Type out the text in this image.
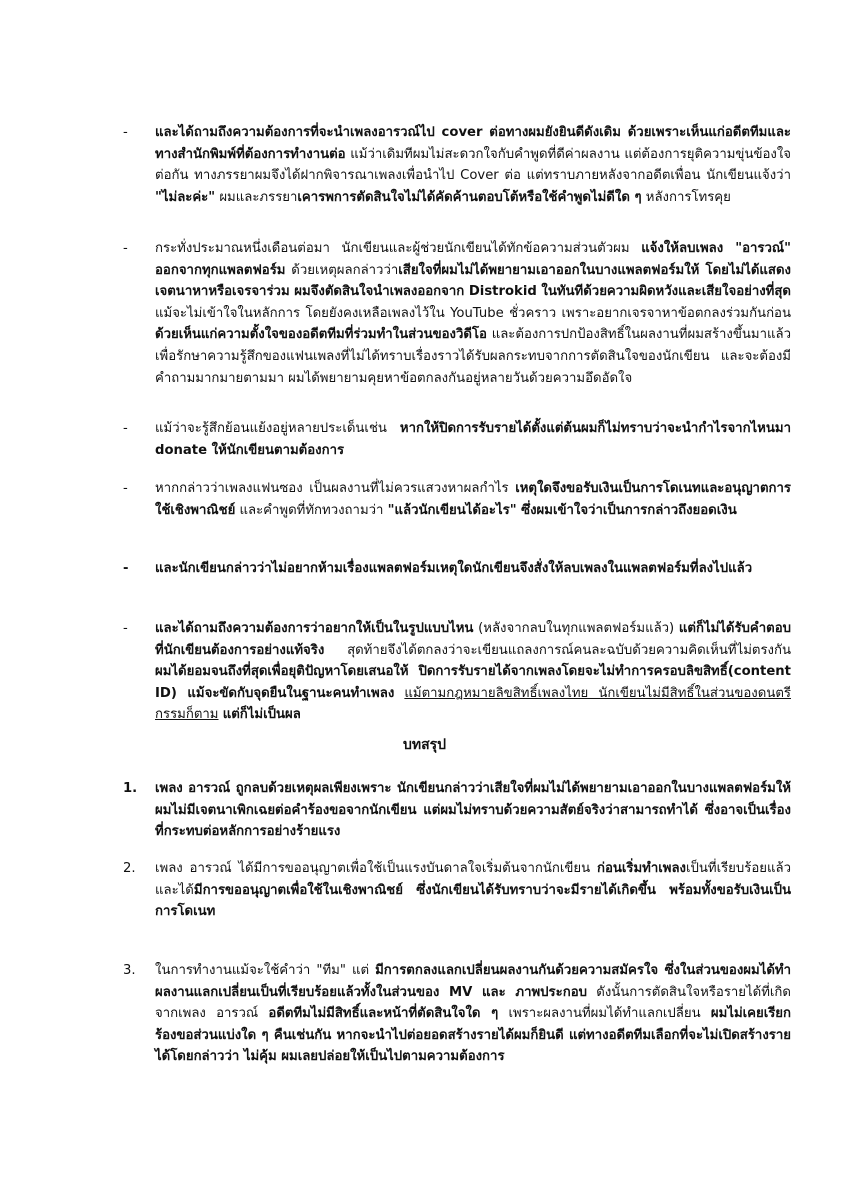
- และได้ถามถึงความต้องการที่จะนำเพลงอารวณ์ไป cover ต่อทางผมยังยินดีดังเดิม ด้วยเพราะเห็นแก่อดีตทีมและทางสำนักพิมพ์ที่ต้องการทำงานต่อ แม้ว่าเดิมทีผมไม่สะดวกใจกับคำพูดที่ดีค่าผลงาน แต่ต้องการยุติความขุ่นข้องใจต่อกัน ทางภรรยาผมจึงได้ฝากพิจารณาเพลงเพื่อนำไป Cover ต่อ แต่ทราบภายหลังจากอดีตเพื่อน นักเขียนแจ้งว่า "ไม่ละค่ะ" ผมและภรรยาเคารพการตัดสินใจไม่ได้คัดค้านตอบโต้หรือใช้คำพูดไม่ดีใด ๆ หลังการโทรคุย

- กระทั่งประมาณหนึ่งเดือนต่อมา นักเขียนและผู้ช่วยนักเขียนได้ทักข้อความส่วนตัวผม แจ้งให้ลบเพลง "อารวณ์" ออกจากทุกแพลตฟอร์ม ด้วยเหตุผลกล่าวว่าเสียใจที่ผมไม่ได้พยายามเอาออกในบางแพลตฟอร์มให้ โดยไม่ได้แสดงเจตนาหาหรือเจรจาร่วม ผมจึงตัดสินใจนำเพลงออกจาก Distrokid ในทันทีด้วยความผิดหวังและเสียใจอย่างที่สุด แม้จะไม่เข้าใจในหลักการ โดยยังคงเหลือเพลงไว้ใน YouTube ชั่วคราว เพราะอยากเจรจาหาข้อตกลงร่วมกันก่อน ด้วยเห็นแก่ความตั้งใจของอดีตทีมที่ร่วมทำในส่วนของวิดีโอ และต้องการปกป้องสิทธิ์ในผลงานที่ผมสร้างขึ้นมาแล้ว เพื่อรักษาความรู้สึกของแฟนเพลงที่ไม่ได้ทราบเรื่องราวได้รับผลกระทบจากการตัดสินใจของนักเขียน และจะต้องมีคำถามมากมายตามมา ผมได้พยายามคุยหาข้อตกลงกันอยู่หลายวันด้วยความอึดอัดใจ

- แม้ว่าจะรู้สึกย้อนแย้งอยู่หลายประเด็นเช่น หากให้ปิดการรับรายได้ตั้งแต่ต้นผมก็ไม่ทราบว่าจะนำกำไรจากไหนมา donate ให้นักเขียนตามต้องการ

- หากกล่าวว่าเพลงแฟนซอง เป็นผลงานที่ไม่ควรแสวงหาผลกำไร เหตุใดจึงขอรับเงินเป็นการโดเนทและอนุญาตการใช้เชิงพาณิชย์ และคำพูดที่ทักทวงถามว่า "แล้วนักเขียนได้อะไร" ซึ่งผมเข้าใจว่าเป็นการกล่าวถึงยอดเงิน

- และนักเขียนกล่าวว่าไม่อยากห้ามเรื่องแพลตฟอร์มเหตุใดนักเขียนจึงสั่งให้ลบเพลงในแพลตฟอร์มที่ลงไปแล้ว

- และได้ถามถึงความต้องการว่าอยากให้เป็นในรูปแบบไหน (หลังจากลบในทุกแพลตฟอร์มแล้ว) แต่ก็ไม่ได้รับคำตอบที่นักเขียนต้องการอย่างแท้จริง สุดท้ายจึงได้ตกลงว่าจะเขียนแถลงการณ์คนละฉบับด้วยความคิดเห็นที่ไม่ตรงกัน ผมได้ยอมจนถึงที่สุดเพื่อยุติปัญหาโดยเสนอให้ ปิดการรับรายได้จากเพลงโดยจะไม่ทำการครอบลิขสิทธิ์(content ID) แม้จะขัดกับจุดยืนในฐานะคนทำเพลง แม้ตามกฎหมายลิขสิทธิ์เพลงไทย นักเขียนไม่มีสิทธิ์ในส่วนของดนตรีกรรมก็ตาม แต่ก็ไม่เป็นผล

บทสรุป
1. เพลง อารวณ์ ถูกลบด้วยเหตุผลเพียงเพราะ นักเขียนกล่าวว่าเสียใจที่ผมไม่ได้พยายามเอาออกในบางแพลตฟอร์มให้ ผมไม่มีเจตนาเพิกเฉยต่อคำร้องขอจากนักเขียน แต่ผมไม่ทราบด้วยความสัตย์จริงว่าสามารถทำได้ ซึ่งอาจเป็นเรื่องที่กระทบต่อหลักการอย่างร้ายแรง

2. เพลง อารวณ์ ได้มีการขออนุญาตเพื่อใช้เป็นแรงบันดาลใจเริ่มต้นจากนักเขียน ก่อนเริ่มทำเพลงเป็นที่เรียบร้อยแล้ว และได้มีการขออนุญาตเพื่อใช้ในเชิงพาณิชย์ ซึ่งนักเขียนได้รับทราบว่าจะมีรายได้เกิดขึ้น พร้อมทั้งขอรับเงินเป็นการโดเนท

3. ในการทำงานแม้จะใช้คำว่า "ทีม" แต่ มีการตกลงแลกเปลี่ยนผลงานกันด้วยความสมัครใจ ซึ่งในส่วนของผมได้ทำผลงานแลกเปลี่ยนเป็นที่เรียบร้อยแล้วทั้งในส่วนของ MV และ ภาพประกอบ ดังนั้นการตัดสินใจหรือรายได้ที่เกิดจากเพลง อารวณ์ อดีตทีมไม่มีสิทธิ์และหน้าที่ตัดสินใจใด ๆ เพราะผลงานที่ผมได้ทำแลกเปลี่ยน ผมไม่เคยเรียกร้องขอส่วนแบ่งใด ๆ คืนเช่นกัน หากจะนำไปต่อยอดสร้างรายได้ผมก็ยินดี แต่ทางอดีตทีมเลือกที่จะไม่เปิดสร้างรายได้โดยกล่าวว่า ไม่คุ้ม ผมเลยปล่อยให้เป็นไปตามความต้องการ
